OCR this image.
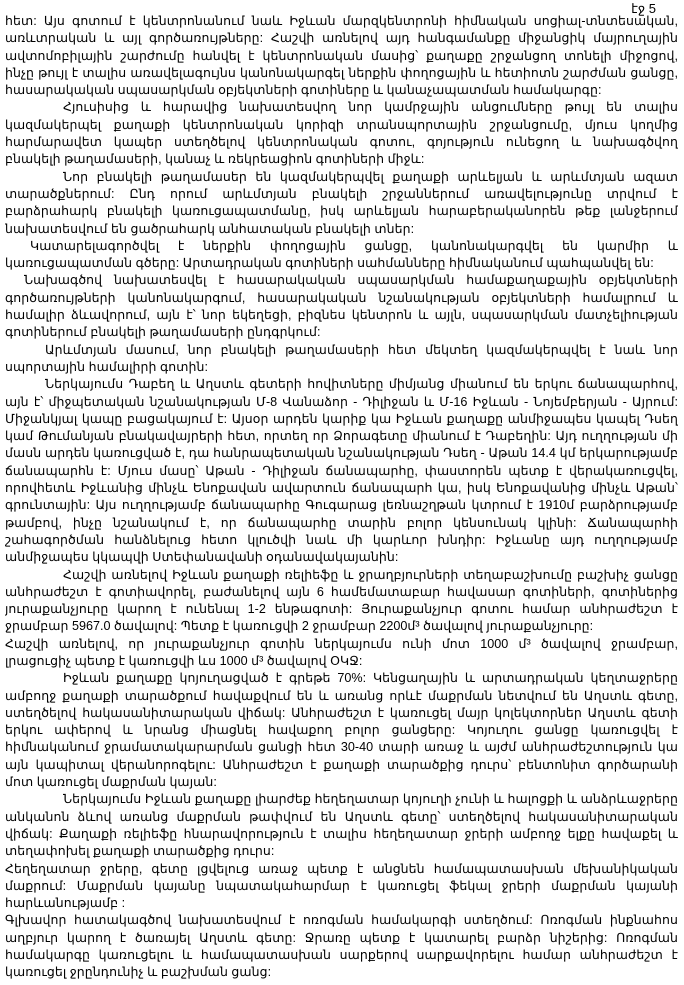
էջ 5
հետ: Այս գոտում է կենտրոնանում նաև Իջևան մարզկենտրոնի հիմնական սոցիալ-տնտեսական,
առևտրական և այլ գործառույթները: Հաշվի առնելով այդ հանգամանքը միջանցիկ մայրուղային
ավտոմոբիլային շարժումը հանվել է կենտրոնական մասից՝ քաղաքը շրջանցող տոնելի միջոցով,
ինչը թույլ է տալիս առավելագույնս կանոնակարգել ներքին փողոցային և հետիոտն շարժման ցանցը,
հասարակական սպասարկման օբյեկտների գոտիները և կանաչապատման համակարգը:
Հյուսիսից և հարավից նախատեսվող նոր կամրջային անցումները թույլ են տալիս
կազմակերպել քաղաքի կենտրոնական կորիզի տրանսպորտային շրջանցումը, մյուս կողմից
հարմարավետ կապեր ստեղծելով կենտրոնական գոտու, գոյություն ունեցող և նախագծվող
բնակելի թաղամասերի, կանաչ և ռեկրեացիոն գոտիների միջև:
Նոր բնակելի թաղամասեր են կազմակերպվել քաղաքի արևելյան և արևմտյան ազատ
տարածքներում: Ընդ որում արևմտյան բնակելի շրջաններում առավելությունը տրվում է
բարձրահարկ բնակելի կառուցապատմանը, իսկ արևելյան հարաբերականորեն թեք լանջերում
նախատեսվում են ցածրահարկ անհատական բնակելի տներ:
Կատարելագործվել է ներքին փողոցային ցանցը, կանոնակարգվել են կարմիր և
կառուցապատման գծերը: Արտադրական գոտիների սահմանները հիմնականում պահպանվել են:
Նախագծով նախատեսվել է հասարակական սպասարկման համաքաղաքային օբյեկտների
գործառույթների կանոնակարգում, հասարակական նշանակության օբյեկտների համալրում և
համալիր ձևավորում, այն է՝ նոր եկեղեցի, բիզնես կենտրոն և այլն, սպասարկման մատչելիության
գոտիներում բնակելի թաղամասերի ընդգրկում:
Արևմտյան մասում, նոր բնակելի թաղամասերի հետ մեկտեղ կազմակերպվել է նաև նոր
սպորտային համալիրի գոտին:
Ներկայումս Դաբեղ և Աղստև գետերի հովիտները միմյանց միանում են երկու ճանապարհով,
այն է՝ միջպետական նշանակության Մ-8 Վանաձոր - Դիլիջան և Մ-16 Իջևան - Նոյեմբերյան - Այրում:
Միջանկյալ կապը բացակայում է: Այսօր արդեն կարիք կա Իջևան քաղաքը անմիջապես կապել Դսեղ
կամ Թումանյան բնակավայրերի հետ, որտեղ որ Ձորագետը միանում է Դաբեղին: Այդ ուղղության մի
մասն արդեն կառուցված է, դա հանրապետական նշանակության Դսեղ - Աթան 14.4 կմ երկարությամբ
ճանապարհն է: Մյուս մասը՝ Աթան - Դիլիջան ճանապարհը, փաստորեն պետք է վերակառուցվել,
որովհետև Իջևանից մինչև Ենոքավան ավարտուն ճանապարհ կա, իսկ Ենոքավանից մինչև Աթան՝
գրունտային: Այս ուղղությամբ ճանապարհը Գուգարաց լեռնաշղթան կտրում է 1910մ բարձրությամբ
թամբով, ինչը նշանակում է, որ ճանապարհը տարին բոլոր կենսունակ կլինի: Ճանապարհի
շահագործման հանձնելուց հետո կլուծվի նաև մի կարևոր խնդիր: Իջևանը այդ ուղղությամբ
անմիջապես կկապվի Ստեփանավանի օդանավակայանին:
Հաշվի առնելով Իջևան քաղաքի ռելիեֆը և ջրաղբյուրների տեղաբաշխումը բաշխիչ ցանցը
անհրաժեշտ է գոտիավորել, բաժանելով այն 6 համեմատաբար հավասար գոտիների, գոտիներից
յուրաքանչյուրը կարող է ունենալ 1-2 ենթագոտի: Յուրաքանչյուր գոտու համար անհրաժեշտ է
ջրամբար 5967.0 ծավալով: Պետք է կառուցվի 2 ջրամբար 2200մ³ ծավալով յուրաքանչյուրը:
Հաշվի առնելով, որ յուրաքանչյուր գոտին ներկայումս ունի մոտ 1000 մ³ ծավալով ջրամբար,
լրացուցիչ պետք է կառուցվի ևս 1000 մ³ ծավալով ՕԿՋ:
Իջևան քաղաքը կոյուղացված է գրեթե 70%: Կենցաղային և արտադրական կեղտաջրերը
ամբողջ քաղաքի տարածքում հավաքվում են և առանց որևէ մաքրման նետվում են Աղստև գետը,
ստեղծելով հակասանիտարական վիճակ: Անհրաժեշտ է կառուցել մայր կոլեկտորներ Աղստև գետի
երկու ափերով և նրանց միացնել հավաքող բոլոր ցանցերը: Կոյուղու ցանցը կառուցվել է
հիմնականում ջրամատակարարման ցանցի հետ 30-40 տարի առաջ և այժմ անհրաժեշտություն կա
այն կապիտալ վերանորոգելու: Անհրաժեշտ է քաղաքի տարածքից դուրս՝ բենտոնիտ գործարանի
մոտ կառուցել մաքրման կայան:
Ներկայումս Իջևան քաղաքը լիարժեք հեղեղատար կոյուղի չունի և հալոցքի և անձրևաջրերը
անկանոն ձևով առանց մաքրման թափվում են Աղստև գետը՝ ստեղծելով հակասանիտարական
վիճակ: Քաղաքի ռելիեֆը հնարավորություն է տալիս հեղեղատար ջրերի ամբողջ ելքը հավաքել և
տեղափոխել քաղաքի տարածքից դուրս:
Հեղեղատար ջրերը, գետը լցվելուց առաջ պետք է անցնեն համապատասխան մեխանիկական
մաքրում: Մաքրման կայանը նպատակահարմար է կառուցել ֆեկալ ջրերի մաքրման կայանի
հարևանությամբ :
Գլխավոր հատակագծով նախատեսվում է ոռոգման համակարգի ստեղծում: Ոռոգման ինքնահոս
աղբյուր կարող է ծառայել Աղստև գետը: Ջրառը պետք է կատարել բարձր նիշերից: Ոռոգման
համակարգը կառուցելու և համապատասխան սարքերով սարքավորելու համար անհրաժեշտ է
կառուցել ջրընդունիչ և բաշխման ցանց:
